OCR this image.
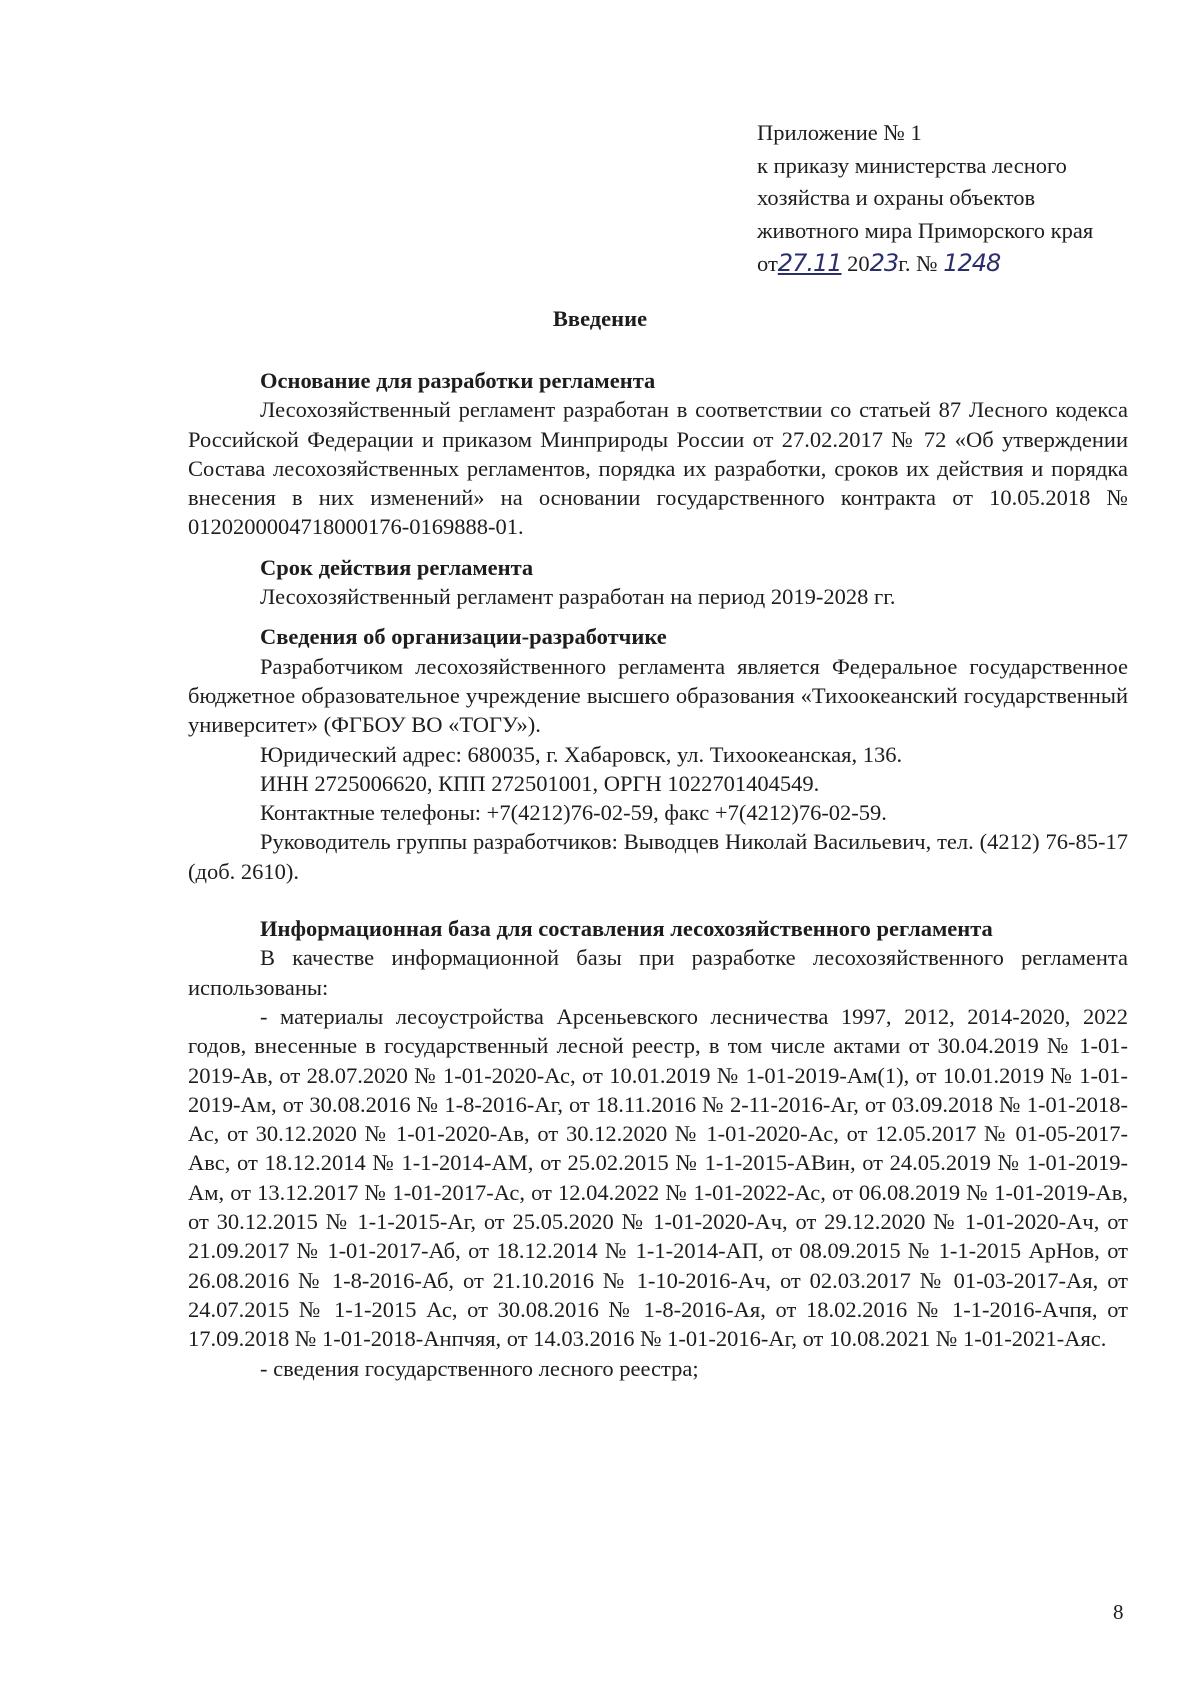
Приложение № 1
к приказу министерства лесного
хозяйства и охраны объектов
животного мира Приморского края
от27.11 2023г. № 1248
Введение
Основание для разработки регламента

Лесохозяйственный регламент разработан в соответствии со статьей 87 Лесного кодекса Российской Федерации и приказом Минприроды России от 27.02.2017 № 72 «Об утверждении Состава лесохозяйственных регламентов, порядка их разработки, сроков их действия и порядка внесения в них изменений» на основании государственного контракта от 10.05.2018 № 0120200004718000176-0169888-01.

Срок действия регламента

Лесохозяйственный регламент разработан на период 2019-2028 гг.

Сведения об организации-разработчике

Разработчиком лесохозяйственного регламента является Федеральное государственное бюджетное образовательное учреждение высшего образования «Тихоокеанский государственный университет» (ФГБОУ ВО «ТОГУ»).

Юридический адрес: 680035, г. Хабаровск, ул. Тихоокеанская, 136.

ИНН 2725006620, КПП 272501001, ОРГН 1022701404549.

Контактные телефоны: +7(4212)76-02-59, факс +7(4212)76-02-59.

Руководитель группы разработчиков: Выводцев Николай Васильевич, тел. (4212) 76-85-17 (доб. 2610).

Информационная база для составления лесохозяйственного регламента

В качестве информационной базы при разработке лесохозяйственного регламента использованы:

- материалы лесоустройства Арсеньевского лесничества 1997, 2012, 2014-2020, 2022 годов, внесенные в государственный лесной реестр, в том числе актами от 30.04.2019 № 1-01-2019-Ав, от 28.07.2020 № 1-01-2020-Ас, от 10.01.2019 № 1-01-2019-Ам(1), от 10.01.2019 № 1-01-2019-Ам, от 30.08.2016 № 1-8-2016-Аг, от 18.11.2016 № 2-11-2016-Аг, от 03.09.2018 № 1-01-2018-Ас, от 30.12.2020 № 1-01-2020-Ав, от 30.12.2020 № 1-01-2020-Ас, от 12.05.2017 № 01-05-2017-Авс, от 18.12.2014 № 1-1-2014-АМ, от 25.02.2015 № 1-1-2015-АВин, от 24.05.2019 № 1-01-2019-Ам, от 13.12.2017 № 1-01-2017-Ас, от 12.04.2022 № 1-01-2022-Ас, от 06.08.2019 № 1-01-2019-Ав, от 30.12.2015 № 1-1-2015-Аг, от 25.05.2020 № 1-01-2020-Ач, от 29.12.2020 № 1-01-2020-Ач, от 21.09.2017 № 1-01-2017-Аб, от 18.12.2014 № 1-1-2014-АП, от 08.09.2015 № 1-1-2015 АрНов, от 26.08.2016 № 1-8-2016-Аб, от 21.10.2016 № 1-10-2016-Ач, от 02.03.2017 № 01-03-2017-Ая, от 24.07.2015 № 1-1-2015 Ас, от 30.08.2016 № 1-8-2016-Ая, от 18.02.2016 № 1-1-2016-Ачпя, от 17.09.2018 № 1-01-2018-Анпчяя, от 14.03.2016 № 1-01-2016-Аг, от 10.08.2021 № 1-01-2021-Аяс.

- сведения государственного лесного реестра;

8
